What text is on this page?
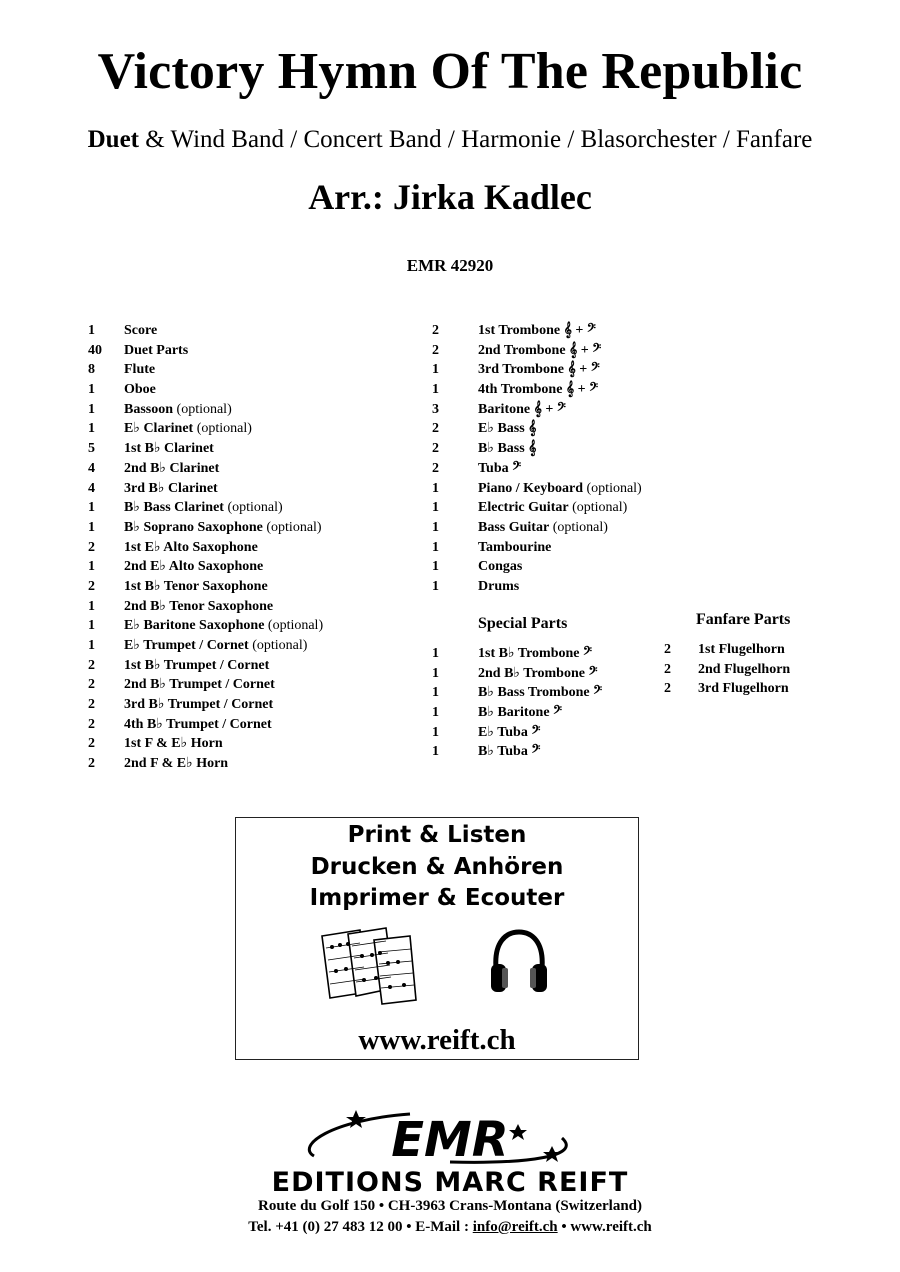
Victory Hymn Of The Republic
Duet & Wind Band / Concert Band / Harmonie / Blasorchester / Fanfare
Arr.: Jirka Kadlec
EMR 42920
1 Score
40 Duet Parts
8 Flute
1 Oboe
1 Bassoon (optional)
1 E♭ Clarinet (optional)
5 1st B♭ Clarinet
4 2nd B♭ Clarinet
4 3rd B♭ Clarinet
1 B♭ Bass Clarinet (optional)
1 B♭ Soprano Saxophone (optional)
2 1st E♭ Alto Saxophone
1 2nd E♭ Alto Saxophone
2 1st B♭ Tenor Saxophone
1 2nd B♭ Tenor Saxophone
1 E♭ Baritone Saxophone (optional)
1 E♭ Trumpet / Cornet (optional)
2 1st B♭ Trumpet / Cornet
2 2nd B♭ Trumpet / Cornet
2 3rd B♭ Trumpet / Cornet
2 4th B♭ Trumpet / Cornet
2 1st F & E♭ Horn
2 2nd F & E♭ Horn
2	1st Trombone 𝄞 + 𝄢
2	2nd Trombone 𝄞 + 𝄢
1	3rd Trombone 𝄞 + 𝄢
1	4th Trombone 𝄞 + 𝄢
3	Baritone 𝄞 + 𝄢
2	E♭ Bass 𝄞
2	B♭ Bass 𝄞
2	Tuba 𝄢
1	Piano / Keyboard (optional)
1	Electric Guitar (optional)
1	Bass Guitar (optional)
1	Tambourine
1	Congas
1	Drums
Special Parts
1	1st B♭ Trombone 𝄢
1	2nd B♭ Trombone 𝄢
1	B♭ Bass Trombone 𝄢
1	B♭ Baritone 𝄢
1	E♭ Tuba 𝄢
1	B♭ Tuba 𝄢
Fanfare Parts
2 1st Flugelhorn
2 2nd Flugelhorn
2 3rd Flugelhorn
Print & Listen
Drucken & Anhören
Imprimer & Ecouter
www.reift.ch
EMR
EDITIONS MARC REIFT
Route du Golf 150 • CH-3963 Crans-Montana (Switzerland)
Tel. +41 (0) 27 483 12 00 • E-Mail : info@reift.ch • www.reift.ch
